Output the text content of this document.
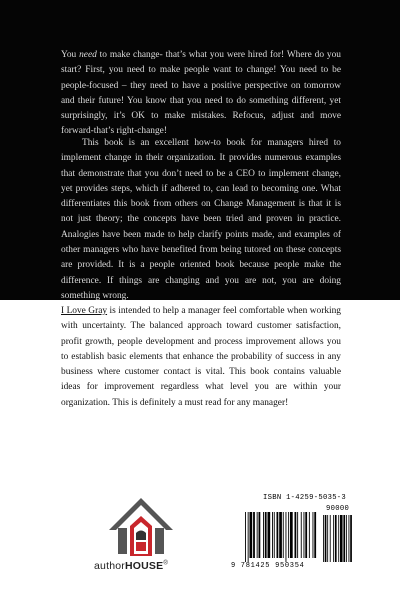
You need to make change- that’s what you were hired for! Where do you start? First, you need to make people want to change! You need to be people-focused – they need to have a positive perspective on tomorrow and their future! You know that you need to do something different, yet surprisingly, it’s OK to make mistakes. Refocus, adjust and move forward-that’s right-change!

This book is an excellent how-to book for managers hired to implement change in their organization. It provides numerous examples that demonstrate that you don’t need to be a CEO to implement change, yet provides steps, which if adhered to, can lead to becoming one. What differentiates this book from others on Change Management is that it is not just theory; the concepts have been tried and proven in practice. Analogies have been made to help clarify points made, and examples of other managers who have benefited from being tutored on these concepts are provided. It is a people oriented book because people make the difference. If things are changing and you are not, you are doing something wrong.

I Love Gray is intended to help a manager feel comfortable when working with uncertainty. The balanced approach toward customer satisfaction, profit growth, people development and process improvement allows you to establish basic elements that enhance the probability of success in any business where customer contact is vital. This book contains valuable ideas for improvement regardless what level you are within your organization. This is definitely a must read for any manager!

authorHOUSE®
ISBN 1-4259-5035-3
90000
9 781425 950354
